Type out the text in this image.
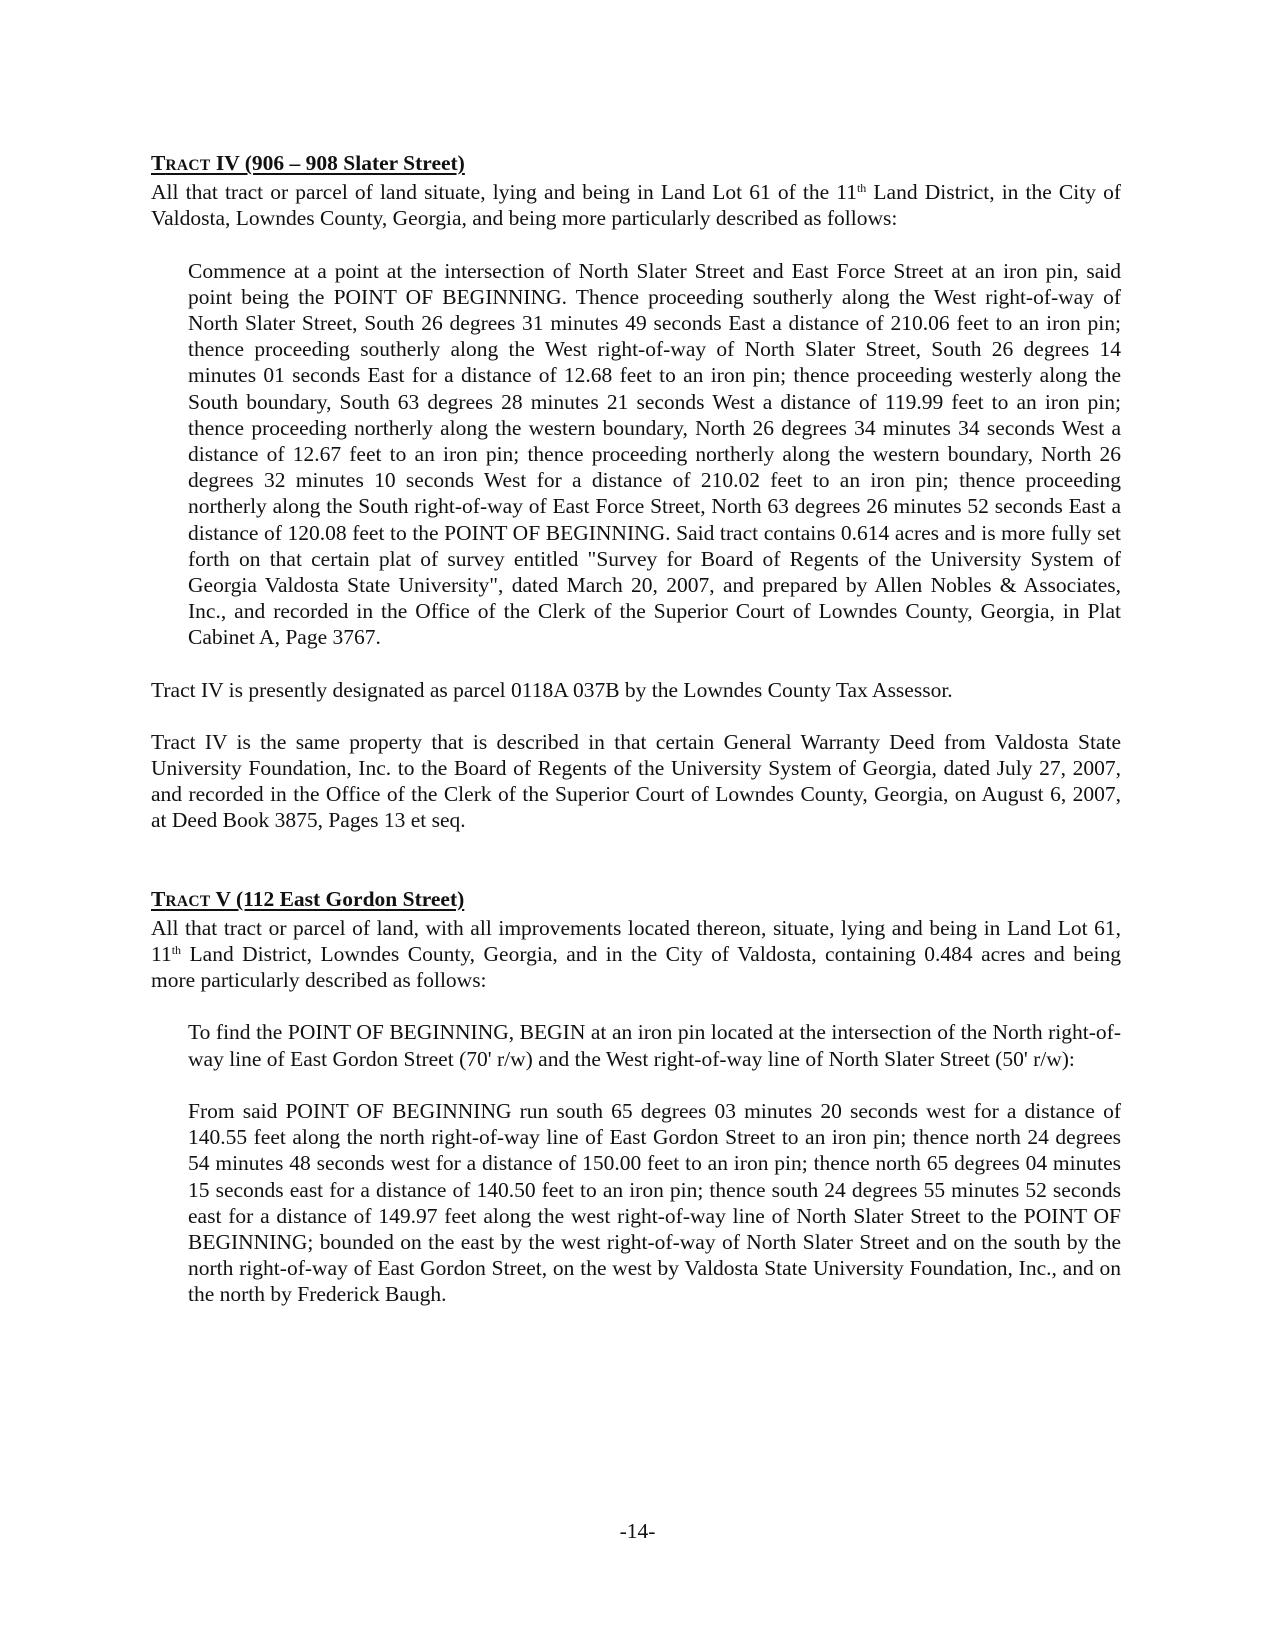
TRACT IV (906 – 908 Slater Street)

All that tract or parcel of land situate, lying and being in Land Lot 61 of the 11th Land District, in the City of Valdosta, Lowndes County, Georgia, and being more particularly described as follows:

Commence at a point at the intersection of North Slater Street and East Force Street at an iron pin, said point being the POINT OF BEGINNING. Thence proceeding southerly along the West right-of-way of North Slater Street, South 26 degrees 31 minutes 49 seconds East a distance of 210.06 feet to an iron pin; thence proceeding southerly along the West right-of-way of North Slater Street, South 26 degrees 14 minutes 01 seconds East for a distance of 12.68 feet to an iron pin; thence proceeding westerly along the South boundary, South 63 degrees 28 minutes 21 seconds West a distance of 119.99 feet to an iron pin; thence proceeding northerly along the western boundary, North 26 degrees 34 minutes 34 seconds West a distance of 12.67 feet to an iron pin; thence proceeding northerly along the western boundary, North 26 degrees 32 minutes 10 seconds West for a distance of 210.02 feet to an iron pin; thence proceeding northerly along the South right-of-way of East Force Street, North 63 degrees 26 minutes 52 seconds East a distance of 120.08 feet to the POINT OF BEGINNING. Said tract contains 0.614 acres and is more fully set forth on that certain plat of survey entitled "Survey for Board of Regents of the University System of Georgia Valdosta State University", dated March 20, 2007, and prepared by Allen Nobles & Associates, Inc., and recorded in the Office of the Clerk of the Superior Court of Lowndes County, Georgia, in Plat Cabinet A, Page 3767.

Tract IV is presently designated as parcel 0118A 037B by the Lowndes County Tax Assessor.

Tract IV is the same property that is described in that certain General Warranty Deed from Valdosta State University Foundation, Inc. to the Board of Regents of the University System of Georgia, dated July 27, 2007, and recorded in the Office of the Clerk of the Superior Court of Lowndes County, Georgia, on August 6, 2007, at Deed Book 3875, Pages 13 et seq.

TRACT V (112 East Gordon Street)

All that tract or parcel of land, with all improvements located thereon, situate, lying and being in Land Lot 61, 11th Land District, Lowndes County, Georgia, and in the City of Valdosta, containing 0.484 acres and being more particularly described as follows:

To find the POINT OF BEGINNING, BEGIN at an iron pin located at the intersection of the North right-of-way line of East Gordon Street (70' r/w) and the West right-of-way line of North Slater Street (50' r/w):

From said POINT OF BEGINNING run south 65 degrees 03 minutes 20 seconds west for a distance of 140.55 feet along the north right-of-way line of East Gordon Street to an iron pin; thence north 24 degrees 54 minutes 48 seconds west for a distance of 150.00 feet to an iron pin; thence north 65 degrees 04 minutes 15 seconds east for a distance of 140.50 feet to an iron pin; thence south 24 degrees 55 minutes 52 seconds east for a distance of 149.97 feet along the west right-of-way line of North Slater Street to the POINT OF BEGINNING; bounded on the east by the west right-of-way of North Slater Street and on the south by the north right-of-way of East Gordon Street, on the west by Valdosta State University Foundation, Inc., and on the north by Frederick Baugh.

-14-
